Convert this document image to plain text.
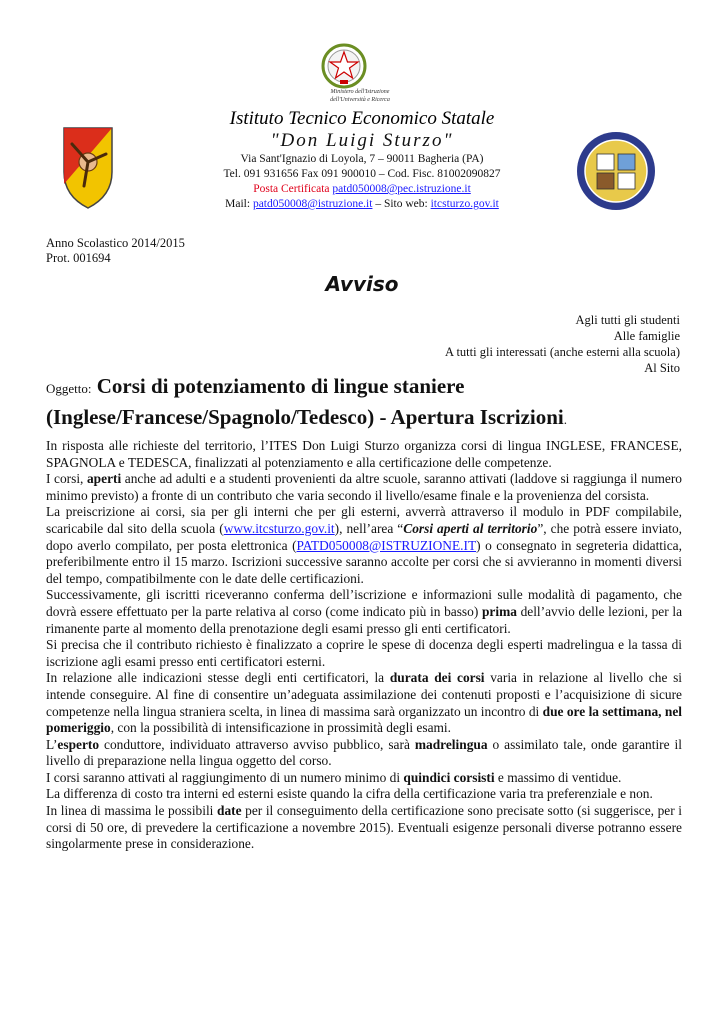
Ministero dell'Istruzione
dell'Università e Ricerca
Istituto Tecnico Economico Statale
"Don Luigi Sturzo"
Via Sant'Ignazio di Loyola, 7 – 90011 Bagheria (PA)
Tel. 091 931656 Fax 091 900010 – Cod. Fisc. 81002090827
Posta Certificata patd050008@pec.istruzione.it
Mail: patd050008@istruzione.it – Sito web: itcsturzo.gov.it
Anno Scolastico 2014/2015
Prot. 001694
Avviso
Agli tutti gli studenti
Alle famiglie
A tutti gli interessati (anche esterni alla scuola)
Al Sito
Oggetto: Corsi di potenziamento di lingue staniere (Inglese/Francese/Spagnolo/Tedesco) - Apertura Iscrizioni.

In risposta alle richieste del territorio, l’ITES Don Luigi Sturzo organizza corsi di lingua INGLESE, FRANCESE, SPAGNOLA e TEDESCA, finalizzati al potenziamento e alla certificazione delle competenze.

I corsi, aperti anche ad adulti e a studenti provenienti da altre scuole, saranno attivati (laddove si raggiunga il numero minimo previsto) a fronte di un contributo che varia secondo il livello/esame finale e la provenienza del corsista.

La preiscrizione ai corsi, sia per gli interni che per gli esterni, avverrà attraverso il modulo in PDF compilabile, scaricabile dal sito della scuola (www.itcsturzo.gov.it), nell’area “Corsi aperti al territorio”, che potrà essere inviato, dopo averlo compilato, per posta elettronica (PATD050008@ISTRUZIONE.IT) o consegnato in segreteria didattica, preferibilmente entro il 15 marzo. Iscrizioni successive saranno accolte per corsi che si avvieranno in momenti diversi del tempo, compatibilmente con le date delle certificazioni.

Successivamente, gli iscritti riceveranno conferma dell’iscrizione e informazioni sulle modalità di pagamento, che dovrà essere effettuato per la parte relativa al corso (come indicato più in basso) prima dell’avvio delle lezioni, per la rimanente parte al momento della prenotazione degli esami presso gli enti certificatori.

Si precisa che il contributo richiesto è finalizzato a coprire le spese di docenza degli esperti madrelingua e la tassa di iscrizione agli esami presso enti certificatori esterni.

In relazione alle indicazioni stesse degli enti certificatori, la durata dei corsi varia in relazione al livello che si intende conseguire. Al fine di consentire un’adeguata assimilazione dei contenuti proposti e l’acquisizione di sicure competenze nella lingua straniera scelta, in linea di massima sarà organizzato un incontro di due ore la settimana, nel pomeriggio, con la possibilità di intensificazione in prossimità degli esami.

L’esperto conduttore, individuato attraverso avviso pubblico, sarà madrelingua o assimilato tale, onde garantire il livello di preparazione nella lingua oggetto del corso.

I corsi saranno attivati al raggiungimento di un numero minimo di quindici corsisti e massimo di ventidue.

La differenza di costo tra interni ed esterni esiste quando la cifra della certificazione varia tra preferenziale e non.

In linea di massima le possibili date per il conseguimento della certificazione sono precisate sotto (si suggerisce, per i corsi di 50 ore, di prevedere la certificazione a novembre 2015). Eventuali esigenze personali diverse potranno essere singolarmente prese in considerazione.
